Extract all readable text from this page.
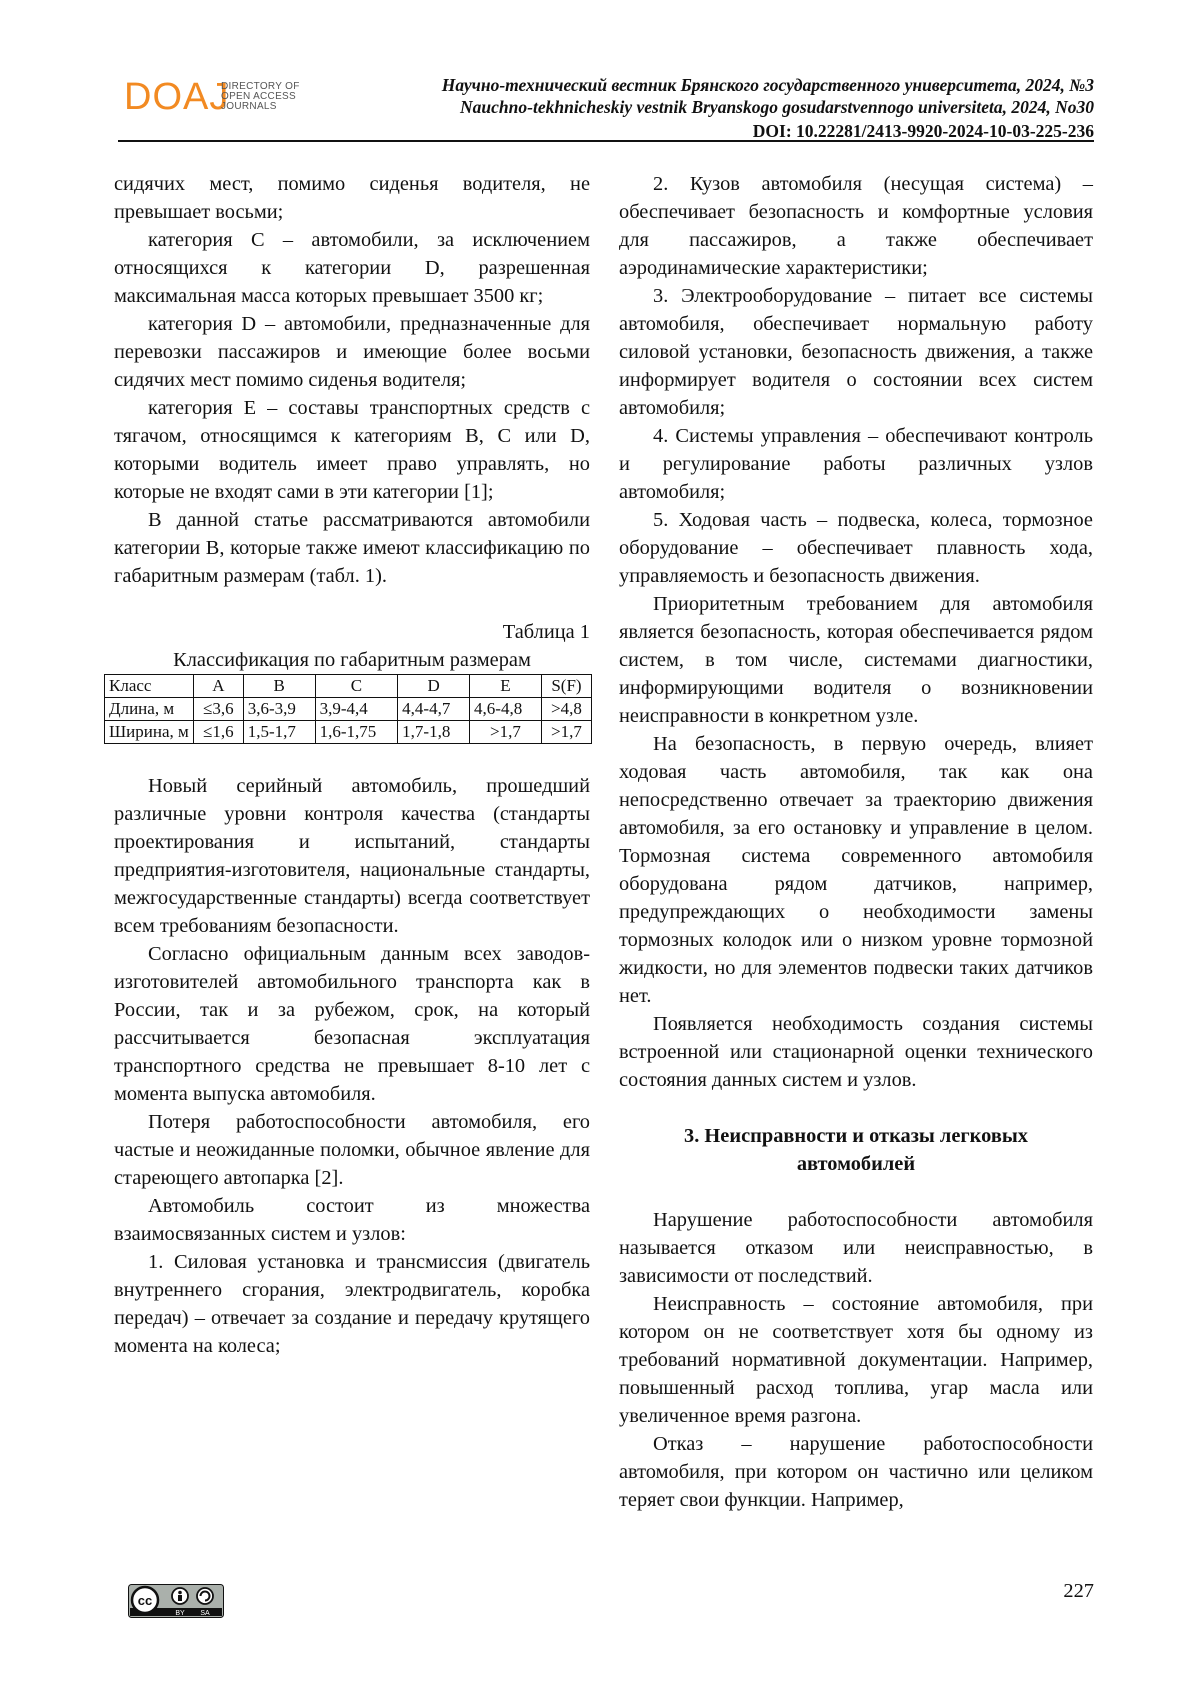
DOAJ
DIRECTORY OF
OPEN ACCESS
JOURNALS
Научно-технический вестник Брянского государственного университета, 2024, №3
Nauchno-tekhnicheskiy vestnik Bryanskogo gosudarstvennogo universiteta, 2024, No30
DOI: 10.22281/2413-9920-2024-10-03-225-236

сидячих мест, помимо сиденья водителя, не превышает восьми;

категория C – автомобили, за исключением относящихся к категории D, разрешенная максимальная масса которых превышает 3500 кг;

категория D – автомобили, предназначенные для перевозки пассажиров и имеющие более восьми сидячих мест помимо сиденья водителя;

категория E – составы транспортных средств с тягачом, относящимся к категориям B, C или D, которыми водитель имеет право управлять, но которые не входят сами в эти категории [1];

В данной статье рассматриваются автомобили категории B, которые также имеют классификацию по габаритным размерам (табл. 1).

Таблица 1
Классификация по габаритным размерам
Класс	A	B	C	D	E	S(F)
Длина, м	≤3,6	3,6-3,9	3,9-4,4	4,4-4,7	4,6-4,8	>4,8
Ширина, м	≤1,6	1,5-1,7	1,6-1,75	1,7-1,8	>1,7	>1,7

Новый серийный автомобиль, прошедший различные уровни контроля качества (стандарты проектирования и испытаний, стандарты предприятия-изготовителя, национальные стандарты, межгосударственные стандарты) всегда соответствует всем требованиям безопасности.

Согласно официальным данным всех заводов-изготовителей автомобильного транспорта как в России, так и за рубежом, срок, на который рассчитывается безопасная эксплуатация транспортного средства не превышает 8-10 лет с момента выпуска автомобиля.

Потеря работоспособности автомобиля, его частые и неожиданные поломки, обычное явление для стареющего автопарка [2].

Автомобиль состоит из множества взаимосвязанных систем и узлов:

1. Силовая установка и трансмиссия (двигатель внутреннего сгорания, электродвигатель, коробка передач) – отвечает за создание и передачу крутящего момента на колеса;

2. Кузов автомобиля (несущая система) – обеспечивает безопасность и комфортные условия для пассажиров, а также обеспечивает аэродинамические характеристики;

3. Электрооборудование – питает все системы автомобиля, обеспечивает нормальную работу силовой установки, безопасность движения, а также информирует водителя о состоянии всех систем автомобиля;

4. Системы управления – обеспечивают контроль и регулирование работы различных узлов автомобиля;

5. Ходовая часть – подвеска, колеса, тормозное оборудование – обеспечивает плавность хода, управляемость и безопасность движения.

Приоритетным требованием для автомобиля является безопасность, которая обеспечивается рядом систем, в том числе, системами диагностики, информирующими водителя о возникновении неисправности в конкретном узле.

На безопасность, в первую очередь, влияет ходовая часть автомобиля, так как она непосредственно отвечает за траекторию движения автомобиля, за его остановку и управление в целом. Тормозная система современного автомобиля оборудована рядом датчиков, например, предупреждающих о необходимости замены тормозных колодок или о низком уровне тормозной жидкости, но для элементов подвески таких датчиков нет.

Появляется необходимость создания системы встроенной или стационарной оценки технического состояния данных систем и узлов.

3. Неисправности и отказы легковых
автомобилей

Нарушение работоспособности автомобиля называется отказом или неисправностью, в зависимости от последствий.

Неисправность – состояние автомобиля, при котором он не соответствует хотя бы одному из требований нормативной документации. Например, повышенный расход топлива, угар масла или увеличенное время разгона.

Отказ – нарушение работоспособности автомобиля, при котором он частично или целиком теряет свои функции. Например,

cc
BY SA
227
